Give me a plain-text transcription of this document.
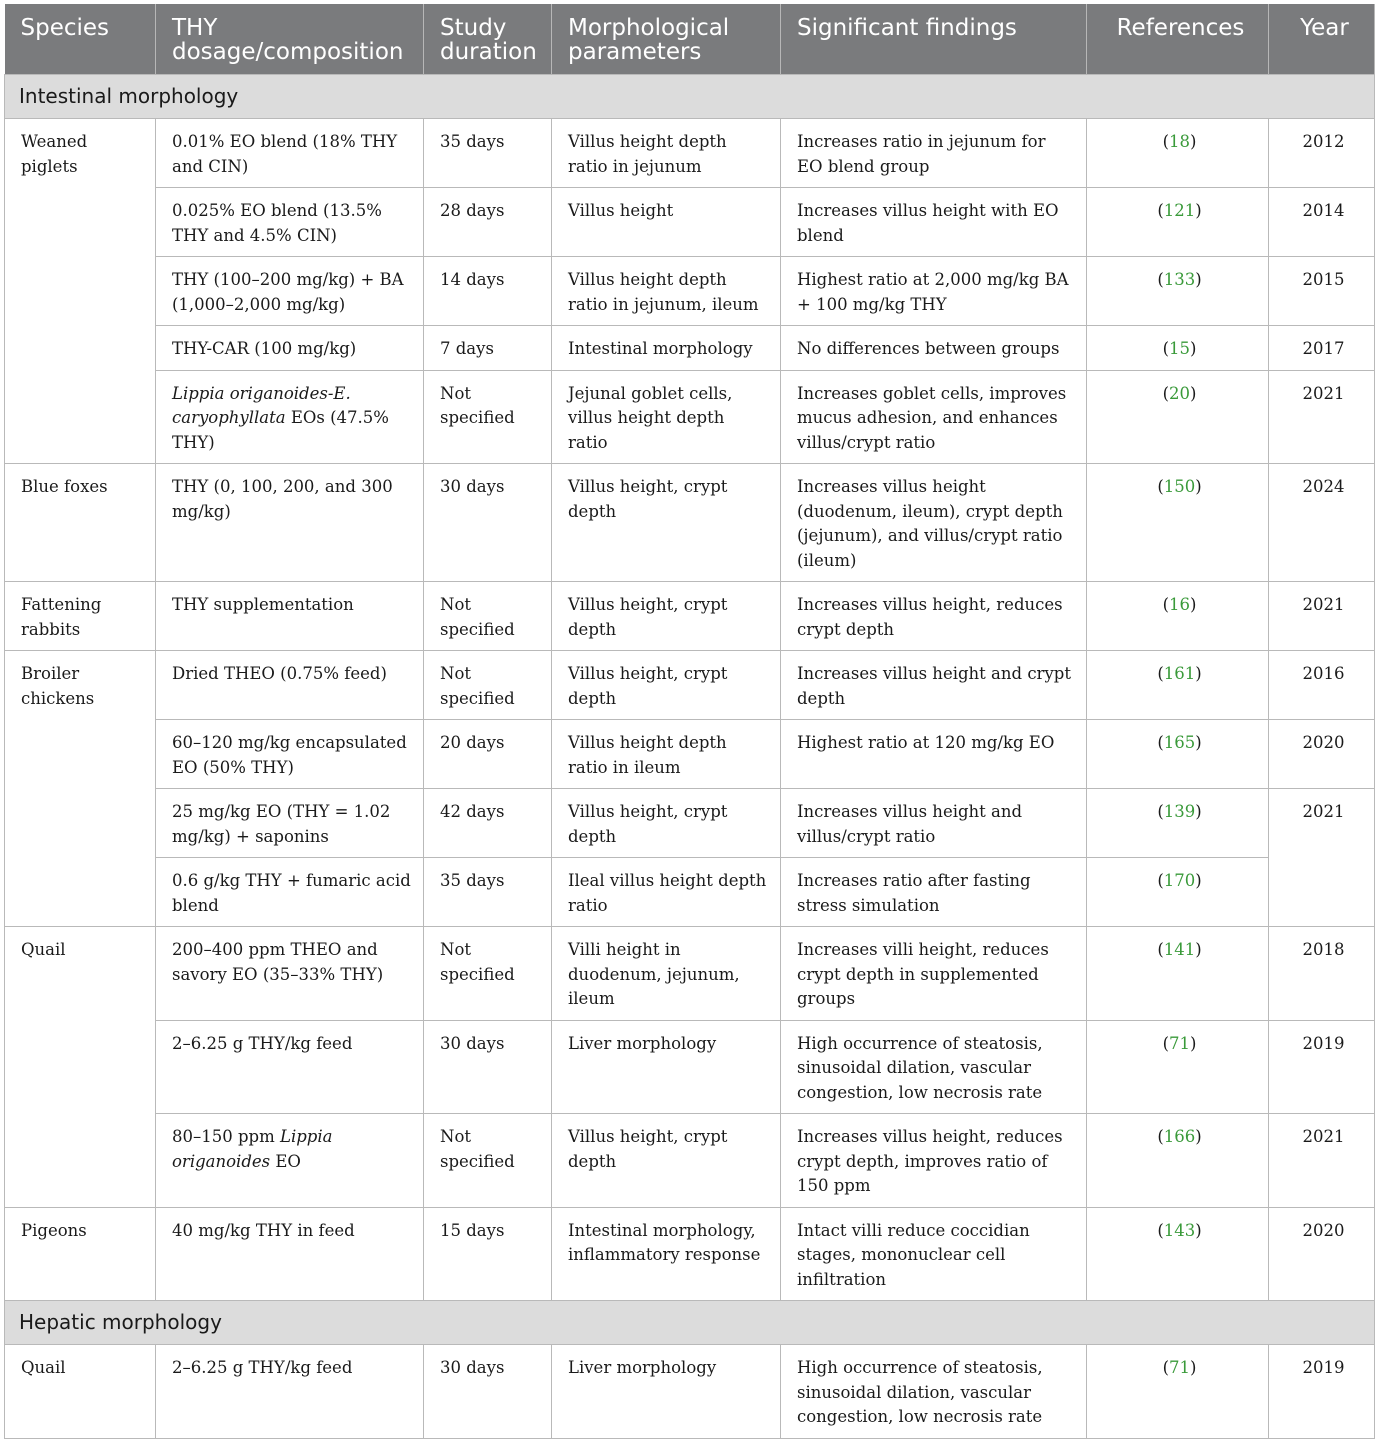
Species	THY dosage/composition	Study duration	Morphological parameters	Significant findings	References	Year
Intestinal morphology						
Weaned piglets	0.01% EO blend (18% THY and CIN)	35 days	Villus height depth ratio in jejunum	Increases ratio in jejunum for EO blend group	(18)	2012
	0.025% EO blend (13.5% THY and 4.5% CIN)	28 days	Villus height	Increases villus height with EO blend	(121)	2014
	THY (100–200 mg/kg) + BA (1,000–2,000 mg/kg)	14 days	Villus height depth ratio in jejunum, ileum	Highest ratio at 2,000 mg/kg BA + 100 mg/kg THY	(133)	2015
	THY-CAR (100 mg/kg)	7 days	Intestinal morphology	No differences between groups	(15)	2017
	Lippia origanoides-E. caryophyllata EOs (47.5% THY)	Not specified	Jejunal goblet cells, villus height depth ratio	Increases goblet cells, improves mucus adhesion, and enhances villus/crypt ratio	(20)	2021
Blue foxes	THY (0, 100, 200, and 300 mg/kg)	30 days	Villus height, crypt depth	Increases villus height (duodenum, ileum), crypt depth (jejunum), and villus/crypt ratio (ileum)	(150)	2024
Fattening rabbits	THY supplementation	Not specified	Villus height, crypt depth	Increases villus height, reduces crypt depth	(16)	2021
Broiler chickens	Dried THEO (0.75% feed)	Not specified	Villus height, crypt depth	Increases villus height and crypt depth	(161)	2016
	60–120 mg/kg encapsulated EO (50% THY)	20 days	Villus height depth ratio in ileum	Highest ratio at 120 mg/kg EO	(165)	2020
	25 mg/kg EO (THY = 1.02 mg/kg) + saponins	42 days	Villus height, crypt depth	Increases villus height and villus/crypt ratio	(139)	2021
	0.6 g/kg THY + fumaric acid blend	35 days	Ileal villus height depth ratio	Increases ratio after fasting stress simulation	(170)	
Quail	200–400 ppm THEO and savory EO (35–33% THY)	Not specified	Villi height in duodenum, jejunum, ileum	Increases villi height, reduces crypt depth in supplemented groups	(141)	2018
	2–6.25 g THY/kg feed	30 days	Liver morphology	High occurrence of steatosis, sinusoidal dilation, vascular congestion, low necrosis rate	(71)	2019
	80–150 ppm Lippia origanoides EO	Not specified	Villus height, crypt depth	Increases villus height, reduces crypt depth, improves ratio of 150 ppm	(166)	2021
Pigeons	40 mg/kg THY in feed	15 days	Intestinal morphology, inflammatory response	Intact villi reduce coccidian stages, mononuclear cell infiltration	(143)	2020
Hepatic morphology						
Quail	2–6.25 g THY/kg feed	30 days	Liver morphology	High occurrence of steatosis, sinusoidal dilation, vascular congestion, low necrosis rate	(71)	2019
